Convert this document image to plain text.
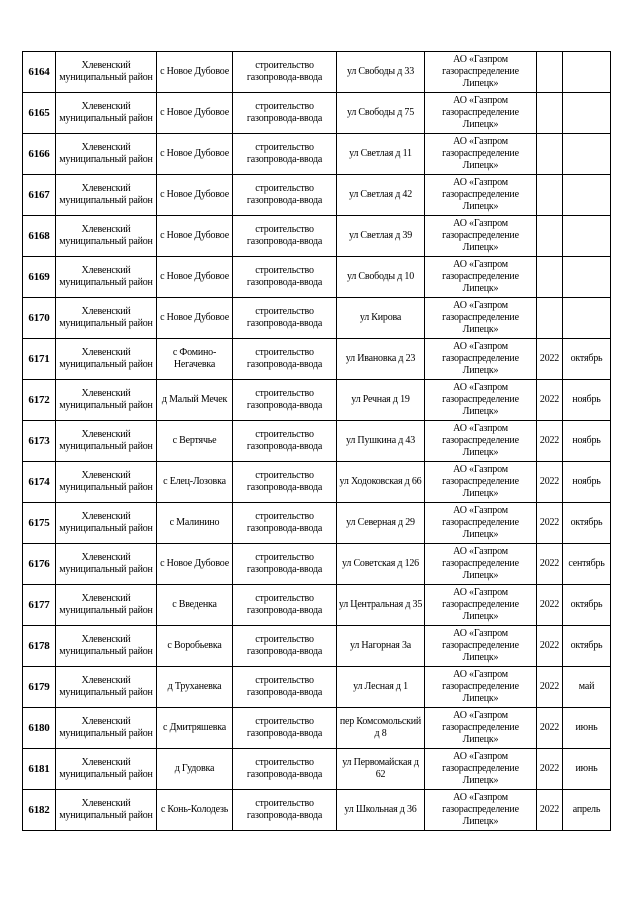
6164	Хлевенский муниципальный район	с Новое Дубовое	строительство газопровода-ввода	ул Свободы д 33	АО «Газпром газораспределение Липецк»		
6165	Хлевенский муниципальный район	с Новое Дубовое	строительство газопровода-ввода	ул Свободы д 75	АО «Газпром газораспределение Липецк»		
6166	Хлевенский муниципальный район	с Новое Дубовое	строительство газопровода-ввода	ул Светлая д 11	АО «Газпром газораспределение Липецк»		
6167	Хлевенский муниципальный район	с Новое Дубовое	строительство газопровода-ввода	ул Светлая д 42	АО «Газпром газораспределение Липецк»		
6168	Хлевенский муниципальный район	с Новое Дубовое	строительство газопровода-ввода	ул Светлая д 39	АО «Газпром газораспределение Липецк»		
6169	Хлевенский муниципальный район	с Новое Дубовое	строительство газопровода-ввода	ул Свободы д 10	АО «Газпром газораспределение Липецк»		
6170	Хлевенский муниципальный район	с Новое Дубовое	строительство газопровода-ввода	ул Кирова	АО «Газпром газораспределение Липецк»		
6171	Хлевенский муниципальный район	с Фомино-Негачевка	строительство газопровода-ввода	ул Ивановка д 23	АО «Газпром газораспределение Липецк»	2022	октябрь
6172	Хлевенский муниципальный район	д Малый Мечек	строительство газопровода-ввода	ул Речная д 19	АО «Газпром газораспределение Липецк»	2022	ноябрь
6173	Хлевенский муниципальный район	с Вертячье	строительство газопровода-ввода	ул Пушкина д 43	АО «Газпром газораспределение Липецк»	2022	ноябрь
6174	Хлевенский муниципальный район	с Елец-Лозовка	строительство газопровода-ввода	ул Ходоковская д 66	АО «Газпром газораспределение Липецк»	2022	ноябрь
6175	Хлевенский муниципальный район	с Малинино	строительство газопровода-ввода	ул Северная д 29	АО «Газпром газораспределение Липецк»	2022	октябрь
6176	Хлевенский муниципальный район	с Новое Дубовое	строительство газопровода-ввода	ул Советская д 126	АО «Газпром газораспределение Липецк»	2022	сентябрь
6177	Хлевенский муниципальный район	с Введенка	строительство газопровода-ввода	ул Центральная д 35	АО «Газпром газораспределение Липецк»	2022	октябрь
6178	Хлевенский муниципальный район	с Воробьевка	строительство газопровода-ввода	ул Нагорная 3а	АО «Газпром газораспределение Липецк»	2022	октябрь
6179	Хлевенский муниципальный район	д Труханевка	строительство газопровода-ввода	ул Лесная д 1	АО «Газпром газораспределение Липецк»	2022	май
6180	Хлевенский муниципальный район	с Дмитряшевка	строительство газопровода-ввода	пер Комсомольский д 8	АО «Газпром газораспределение Липецк»	2022	июнь
6181	Хлевенский муниципальный район	д Гудовка	строительство газопровода-ввода	ул Первомайская д 62	АО «Газпром газораспределение Липецк»	2022	июнь
6182	Хлевенский муниципальный район	с Конь-Колодезь	строительство газопровода-ввода	ул Школьная д 36	АО «Газпром газораспределение Липецк»	2022	апрель
